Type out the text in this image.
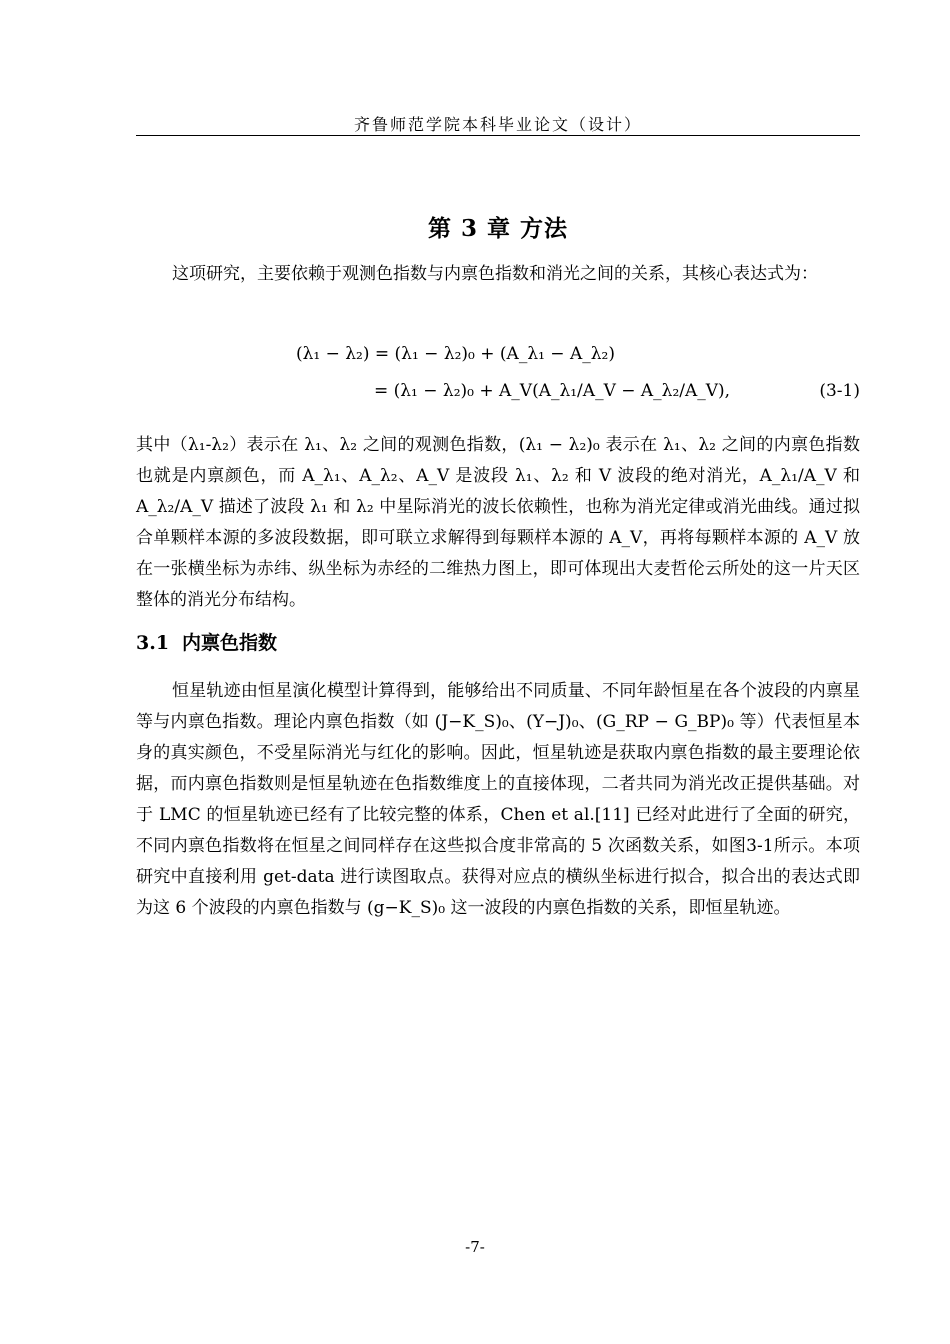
齐鲁师范学院本科毕业论文（设计）
第 3 章 方法

这项研究，主要依赖于观测色指数与内禀色指数和消光之间的关系，其核心表达式为：

(λ₁ − λ₂) = (λ₁ − λ₂)₀ + (A_λ₁ − A_λ₂)
= (λ₁ − λ₂)₀ + A_V(A_λ₁/A_V − A_λ₂/A_V),	(3-1)

其中（λ₁-λ₂）表示在 λ₁、λ₂ 之间的观测色指数，(λ₁ − λ₂)₀ 表示在 λ₁、λ₂ 之间的内禀色指数也就是内禀颜色，而 A_λ₁、A_λ₂、A_V 是波段 λ₁、λ₂ 和 V 波段的绝对消光，A_λ₁/A_V 和 A_λ₂/A_V 描述了波段 λ₁ 和 λ₂ 中星际消光的波长依赖性，也称为消光定律或消光曲线。通过拟合单颗样本源的多波段数据，即可联立求解得到每颗样本源的 A_V，再将每颗样本源的 A_V 放在一张横坐标为赤纬、纵坐标为赤经的二维热力图上，即可体现出大麦哲伦云所处的这一片天区整体的消光分布结构。

3.1 内禀色指数

恒星轨迹由恒星演化模型计算得到，能够给出不同质量、不同年龄恒星在各个波段的内禀星等与内禀色指数。理论内禀色指数（如 (J−K_S)₀、(Y−J)₀、(G_RP − G_BP)₀ 等）代表恒星本身的真实颜色，不受星际消光与红化的影响。因此，恒星轨迹是获取内禀色指数的最主要理论依据，而内禀色指数则是恒星轨迹在色指数维度上的直接体现，二者共同为消光改正提供基础。对于 LMC 的恒星轨迹已经有了比较完整的体系，Chen et al.[11] 已经对此进行了全面的研究，不同内禀色指数将在恒星之间同样存在这些拟合度非常高的 5 次函数关系，如图3-1所示。本项研究中直接利用 get-data 进行读图取点。获得对应点的横纵坐标进行拟合，拟合出的表达式即为这 6 个波段的内禀色指数与 (g−K_S)₀ 这一波段的内禀色指数的关系，即恒星轨迹。

-7-
